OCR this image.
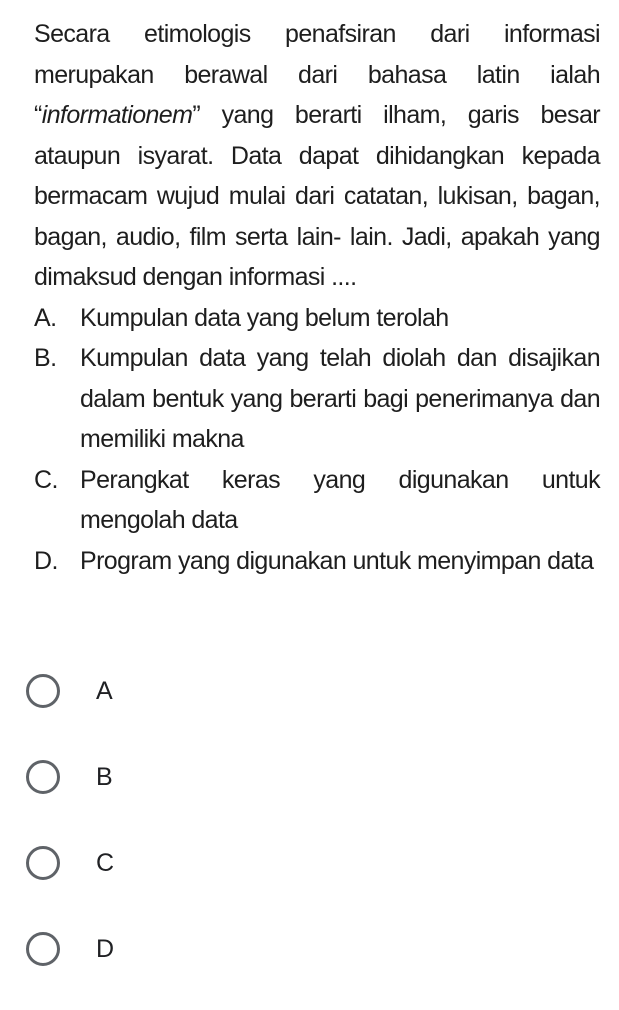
Secara etimologis penafsiran dari informasi merupakan berawal dari bahasa latin ialah “informationem” yang berarti ilham, garis besar ataupun isyarat. Data dapat dihidangkan kepada bermacam wujud mulai dari catatan, lukisan, bagan, bagan, audio, film serta lain- lain. Jadi, apakah yang dimaksud dengan informasi ....

A. Kumpulan data yang belum terolah
B. Kumpulan data yang telah diolah dan disajikan dalam bentuk yang berarti bagi penerimanya dan memiliki makna
C. Perangkat keras yang digunakan untuk mengolah data
D. Program yang digunakan untuk menyimpan data
A
B
C
D
